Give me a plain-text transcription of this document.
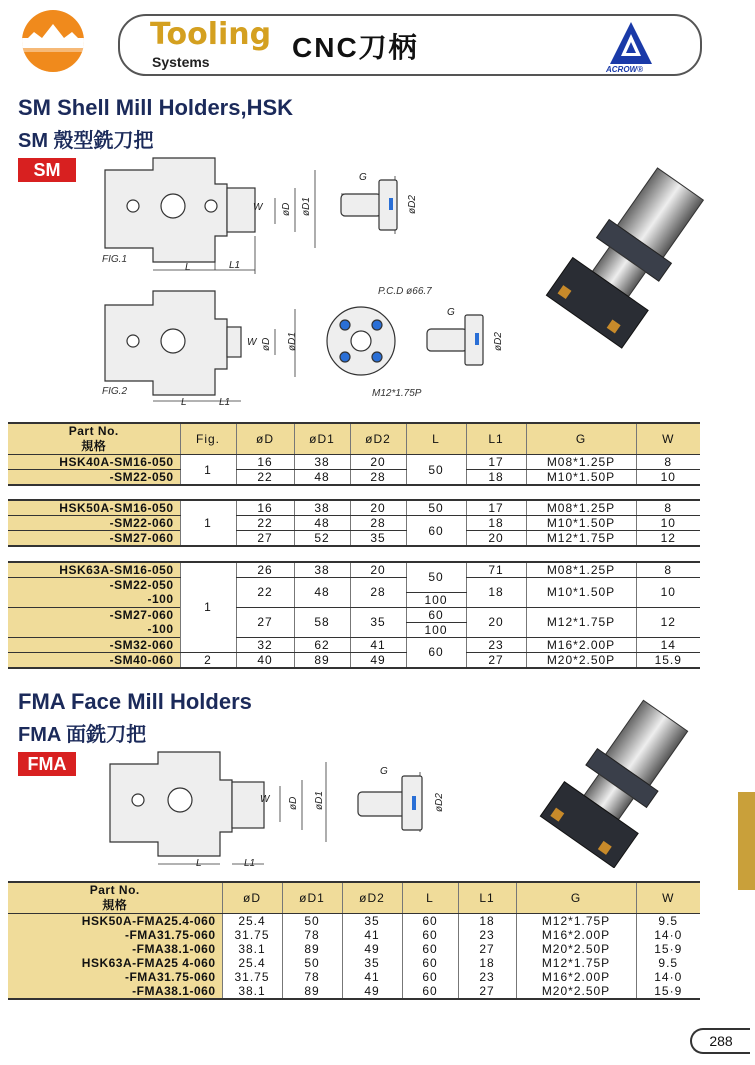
Tooling
Systems	CNC刀柄
ACROW®
SM Shell Mill Holders,HSK
SM 殼型銑刀把
SM
W øD øD1
L	L1
G
øD2
FIG.1
W øD øD1
L	L1
G
øD2
P.C.D ø66.7
M12*1.75P
FIG.2
Part No.
規格	Fig.	øD	øD1	øD2	L	L1	G	W
HSK40A-SM16-050	1	16	38	20	50	17	M08*1.25P	8
-SM22-050		22	48	28		18	M10*1.50P	10
HSK50A-SM16-050	1	16	38	20	50	17	M08*1.25P	8
-SM22-060		22	48	28	60	18	M10*1.50P	10
-SM27-060		27	52	35		20	M12*1.75P	12
HSK63A-SM16-050	1	26	38	20	50	71	M08*1.25P	8
-SM22-050		22	48	28		18	M10*1.50P	10
-100					100			
-SM27-060		27	58	35	60	20	M12*1.75P	12
-100					100			
-SM32-060		32	62	41	60	23	M16*2.00P	14
-SM40-060	2	40	89	49		27	M20*2.50P	15.9
FMA Face Mill Holders
FMA 面銑刀把
FMA
W øD øD1
L	L1
G
øD2
Part No.
規格	øD	øD1	øD2	L	L1	G	W
HSK50A-FMA25.4-060	25.4	50	35	60	18	M12*1.75P	9.5
-FMA31.75-060	31.75	78	41	60	23	M16*2.00P	14·0
-FMA38.1-060	38.1	89	49	60	27	M20*2.50P	15·9
HSK63A-FMA25 4-060	25.4	50	35	60	18	M12*1.75P	9.5
-FMA31.75-060	31.75	78	41	60	23	M16*2.00P	14·0
-FMA38.1-060	38.1	89	49	60	27	M20*2.50P	15·9
288
